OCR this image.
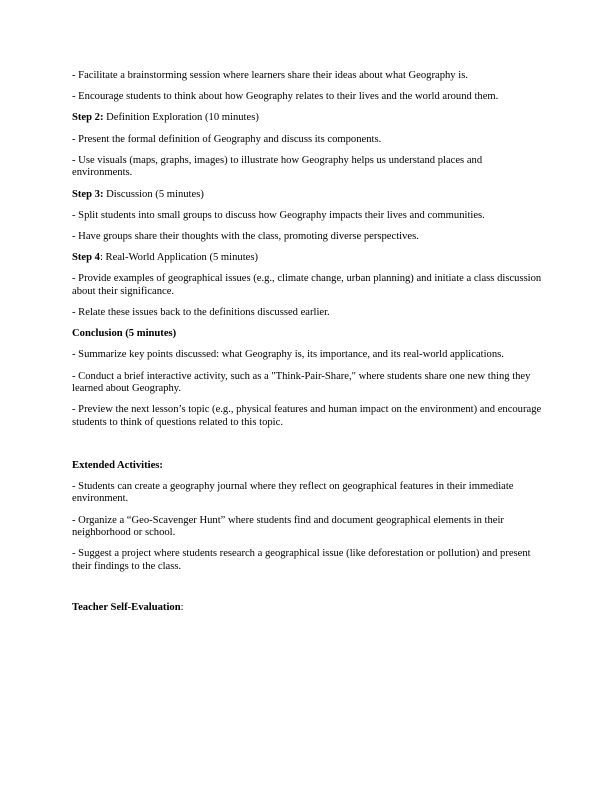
- Facilitate a brainstorming session where learners share their ideas about what Geography is.

- Encourage students to think about how Geography relates to their lives and the world around them.

Step 2: Definition Exploration (10 minutes)

- Present the formal definition of Geography and discuss its components.

- Use visuals (maps, graphs, images) to illustrate how Geography helps us understand places and environments.

Step 3: Discussion (5 minutes)

- Split students into small groups to discuss how Geography impacts their lives and communities.

- Have groups share their thoughts with the class, promoting diverse perspectives.

Step 4: Real-World Application (5 minutes)

- Provide examples of geographical issues (e.g., climate change, urban planning) and initiate a class discussion about their significance.

- Relate these issues back to the definitions discussed earlier.

Conclusion (5 minutes)

- Summarize key points discussed: what Geography is, its importance, and its real-world applications.

- Conduct a brief interactive activity, such as a "Think-Pair-Share," where students share one new thing they learned about Geography.

- Preview the next lesson’s topic (e.g., physical features and human impact on the environment) and encourage students to think of questions related to this topic.

Extended Activities:

- Students can create a geography journal where they reflect on geographical features in their immediate environment.

- Organize a “Geo-Scavenger Hunt” where students find and document geographical elements in their neighborhood or school.

- Suggest a project where students research a geographical issue (like deforestation or pollution) and present their findings to the class.

Teacher Self-Evaluation:
